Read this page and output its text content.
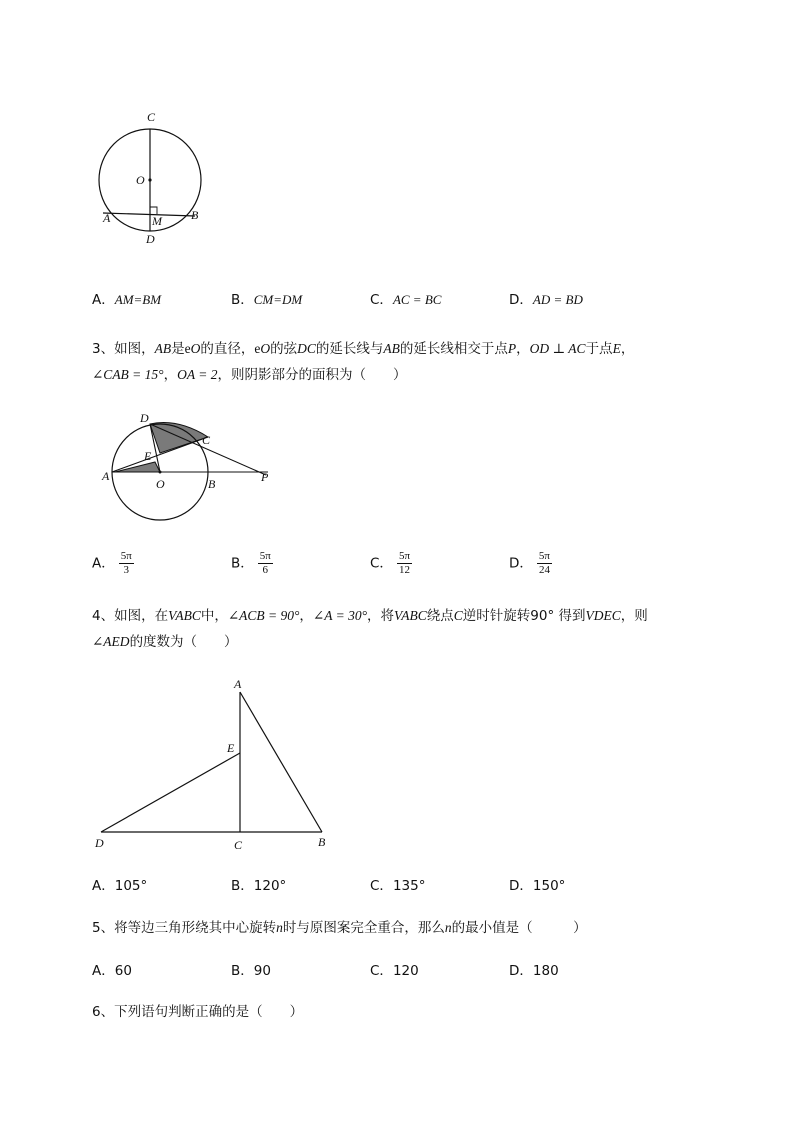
C
O
A	B
M
D
A．AM=BM	B．CM=DM	C．AC = BC	D．AD = BD
3、如图，AB是eO的直径，eO的弦DC的延长线与AB的延长线相交于点P，OD ⊥ AC于点E，
∠CAB = 15°，OA = 2，则阴影部分的面积为（　　）
D
C
E
A
O	B	P
A． $\frac{5\pi}{3}$	B． $\frac{5\pi}{6}$	C． $\frac{5\pi}{12}$	D． $\frac{5\pi}{24}$
4、如图，在VABC中，∠ACB = 90°，∠A = 30°，将VABC绕点C逆时针旋转90° 得到VDEC，则
∠AED的度数为（　　）
A
E
D	C	B
A．105°	B．120°	C．135°	D．150°
5、将等边三角形绕其中心旋转n时与原图案完全重合，那么n的最小值是（　　　）
A．60	B．90	C．120	D．180
6、下列语句判断正确的是（　　）
